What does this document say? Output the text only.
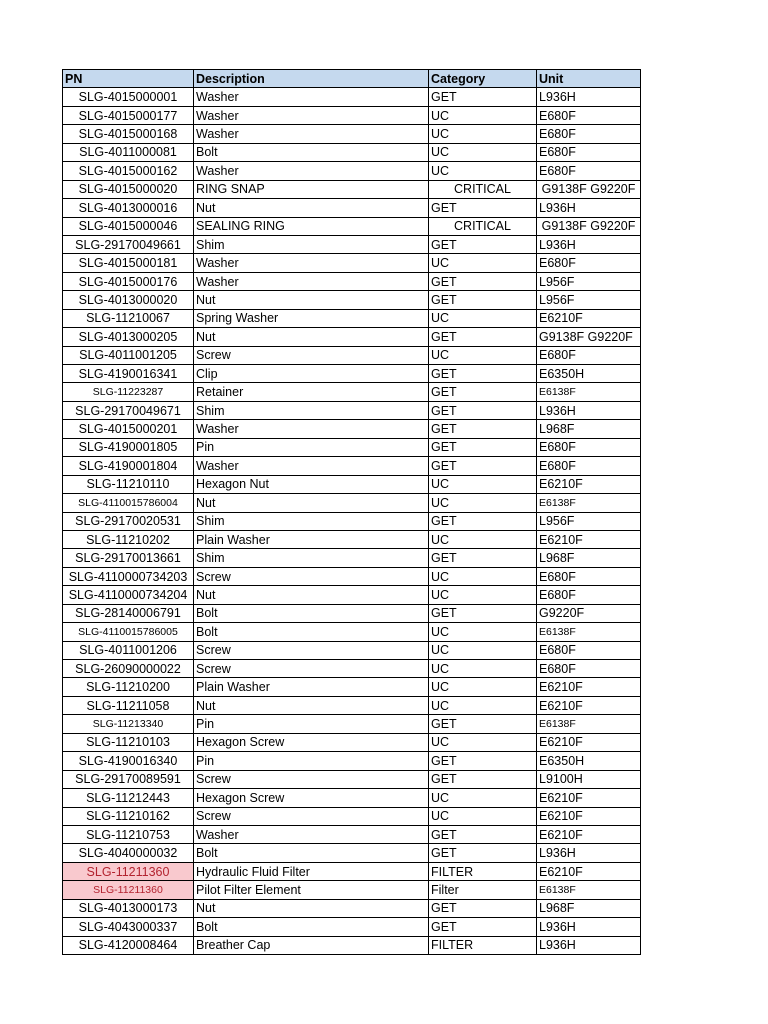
PN	Description	Category	Unit
SLG-4015000001	Washer	GET	L936H
SLG-4015000177	Washer	UC	E680F
SLG-4015000168	Washer	UC	E680F
SLG-4011000081	Bolt	UC	E680F
SLG-4015000162	Washer	UC	E680F
SLG-4015000020	RING SNAP	CRITICAL	G9138F G9220F
SLG-4013000016	Nut	GET	L936H
SLG-4015000046	SEALING RING	CRITICAL	G9138F G9220F
SLG-29170049661	Shim	GET	L936H
SLG-4015000181	Washer	UC	E680F
SLG-4015000176	Washer	GET	L956F
SLG-4013000020	Nut	GET	L956F
SLG-11210067	Spring Washer	UC	E6210F
SLG-4013000205	Nut	GET	G9138F G9220F
SLG-4011001205	Screw	UC	E680F
SLG-4190016341	Clip	GET	E6350H
SLG-11223287	Retainer	GET	E6138F
SLG-29170049671	Shim	GET	L936H
SLG-4015000201	Washer	GET	L968F
SLG-4190001805	Pin	GET	E680F
SLG-4190001804	Washer	GET	E680F
SLG-11210110	Hexagon Nut	UC	E6210F
SLG-4110015786004	Nut	UC	E6138F
SLG-29170020531	Shim	GET	L956F
SLG-11210202	Plain Washer	UC	E6210F
SLG-29170013661	Shim	GET	L968F
SLG-4110000734203	Screw	UC	E680F
SLG-4110000734204	Nut	UC	E680F
SLG-28140006791	Bolt	GET	G9220F
SLG-4110015786005	Bolt	UC	E6138F
SLG-4011001206	Screw	UC	E680F
SLG-26090000022	Screw	UC	E680F
SLG-11210200	Plain Washer	UC	E6210F
SLG-11211058	Nut	UC	E6210F
SLG-11213340	Pin	GET	E6138F
SLG-11210103	Hexagon Screw	UC	E6210F
SLG-4190016340	Pin	GET	E6350H
SLG-29170089591	Screw	GET	L9100H
SLG-11212443	Hexagon Screw	UC	E6210F
SLG-11210162	Screw	UC	E6210F
SLG-11210753	Washer	GET	E6210F
SLG-4040000032	Bolt	GET	L936H
SLG-11211360	Hydraulic Fluid Filter	FILTER	E6210F
SLG-11211360	Pilot Filter Element	Filter	E6138F
SLG-4013000173	Nut	GET	L968F
SLG-4043000337	Bolt	GET	L936H
SLG-4120008464	Breather Cap	FILTER	L936H
